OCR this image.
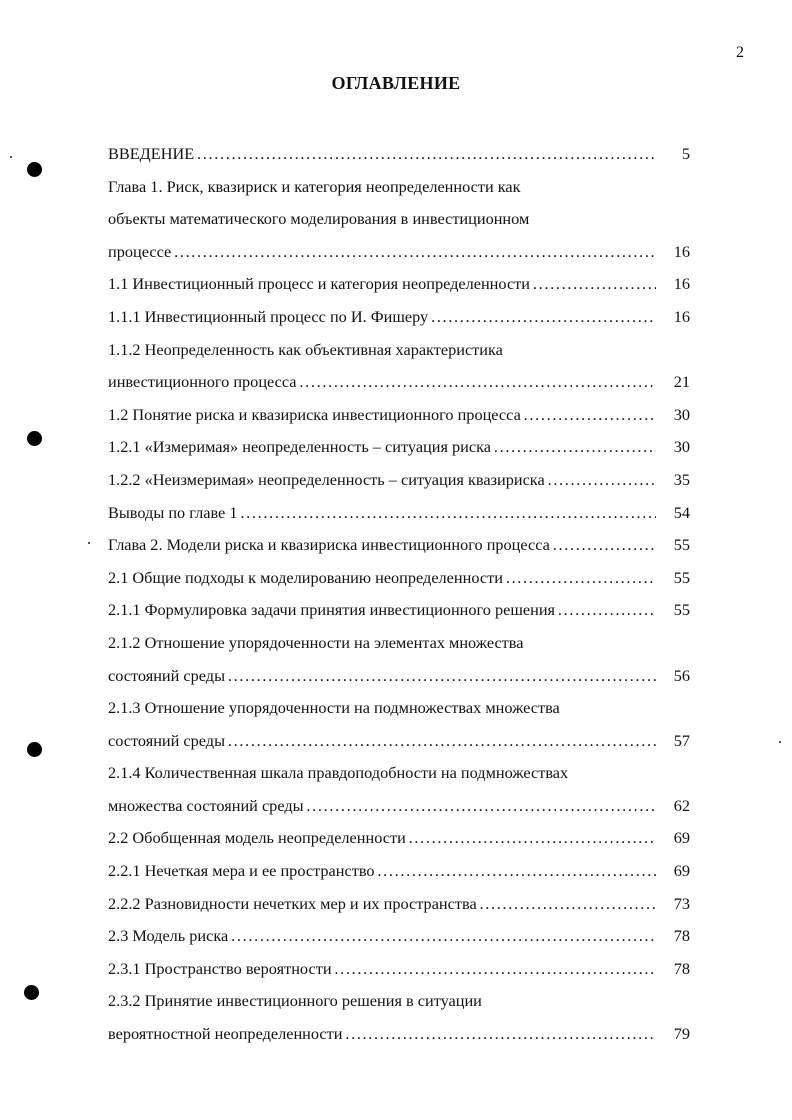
2
ОГЛАВЛЕНИЕ
ВВЕДЕНИЕ . . .	5
Глава 1. Риск, квазириск и категория неопределенности как
объекты математического моделирования в инвестиционном
процессе . . .	16
1.1 Инвестиционный процесс и категория неопределенности . . .	16
1.1.1 Инвестиционный процесс по И. Фишеру . . .	16
1.1.2 Неопределенность как объективная характеристика
инвестиционного процесса . . .	21
1.2 Понятие риска и квазириска инвестиционного процесса . . .	30
1.2.1 «Измеримая» неопределенность – ситуация риска . . .	30
1.2.2 «Неизмеримая» неопределенность – ситуация квазириска . . .	35
Выводы по главе 1 . . .	54
Глава 2. Модели риска и квазириска инвестиционного процесса . . .	55
2.1 Общие подходы к моделированию неопределенности . . .	55
2.1.1 Формулировка задачи принятия инвестиционного решения . . .	55
2.1.2 Отношение упорядоченности на элементах множества
состояний среды . . .	56
2.1.3 Отношение упорядоченности на подмножествах множества
состояний среды . . .	57
2.1.4 Количественная шкала правдоподобности на подмножествах
множества состояний среды . . .	62
2.2 Обобщенная модель неопределенности . . .	69
2.2.1 Нечеткая мера и ее пространство . . .	69
2.2.2 Разновидности нечетких мер и их пространства . . .	73
2.3 Модель риска . . .	78
2.3.1 Пространство вероятности . . .	78
2.3.2 Принятие инвестиционного решения в ситуации
вероятностной неопределенности . . .	79
